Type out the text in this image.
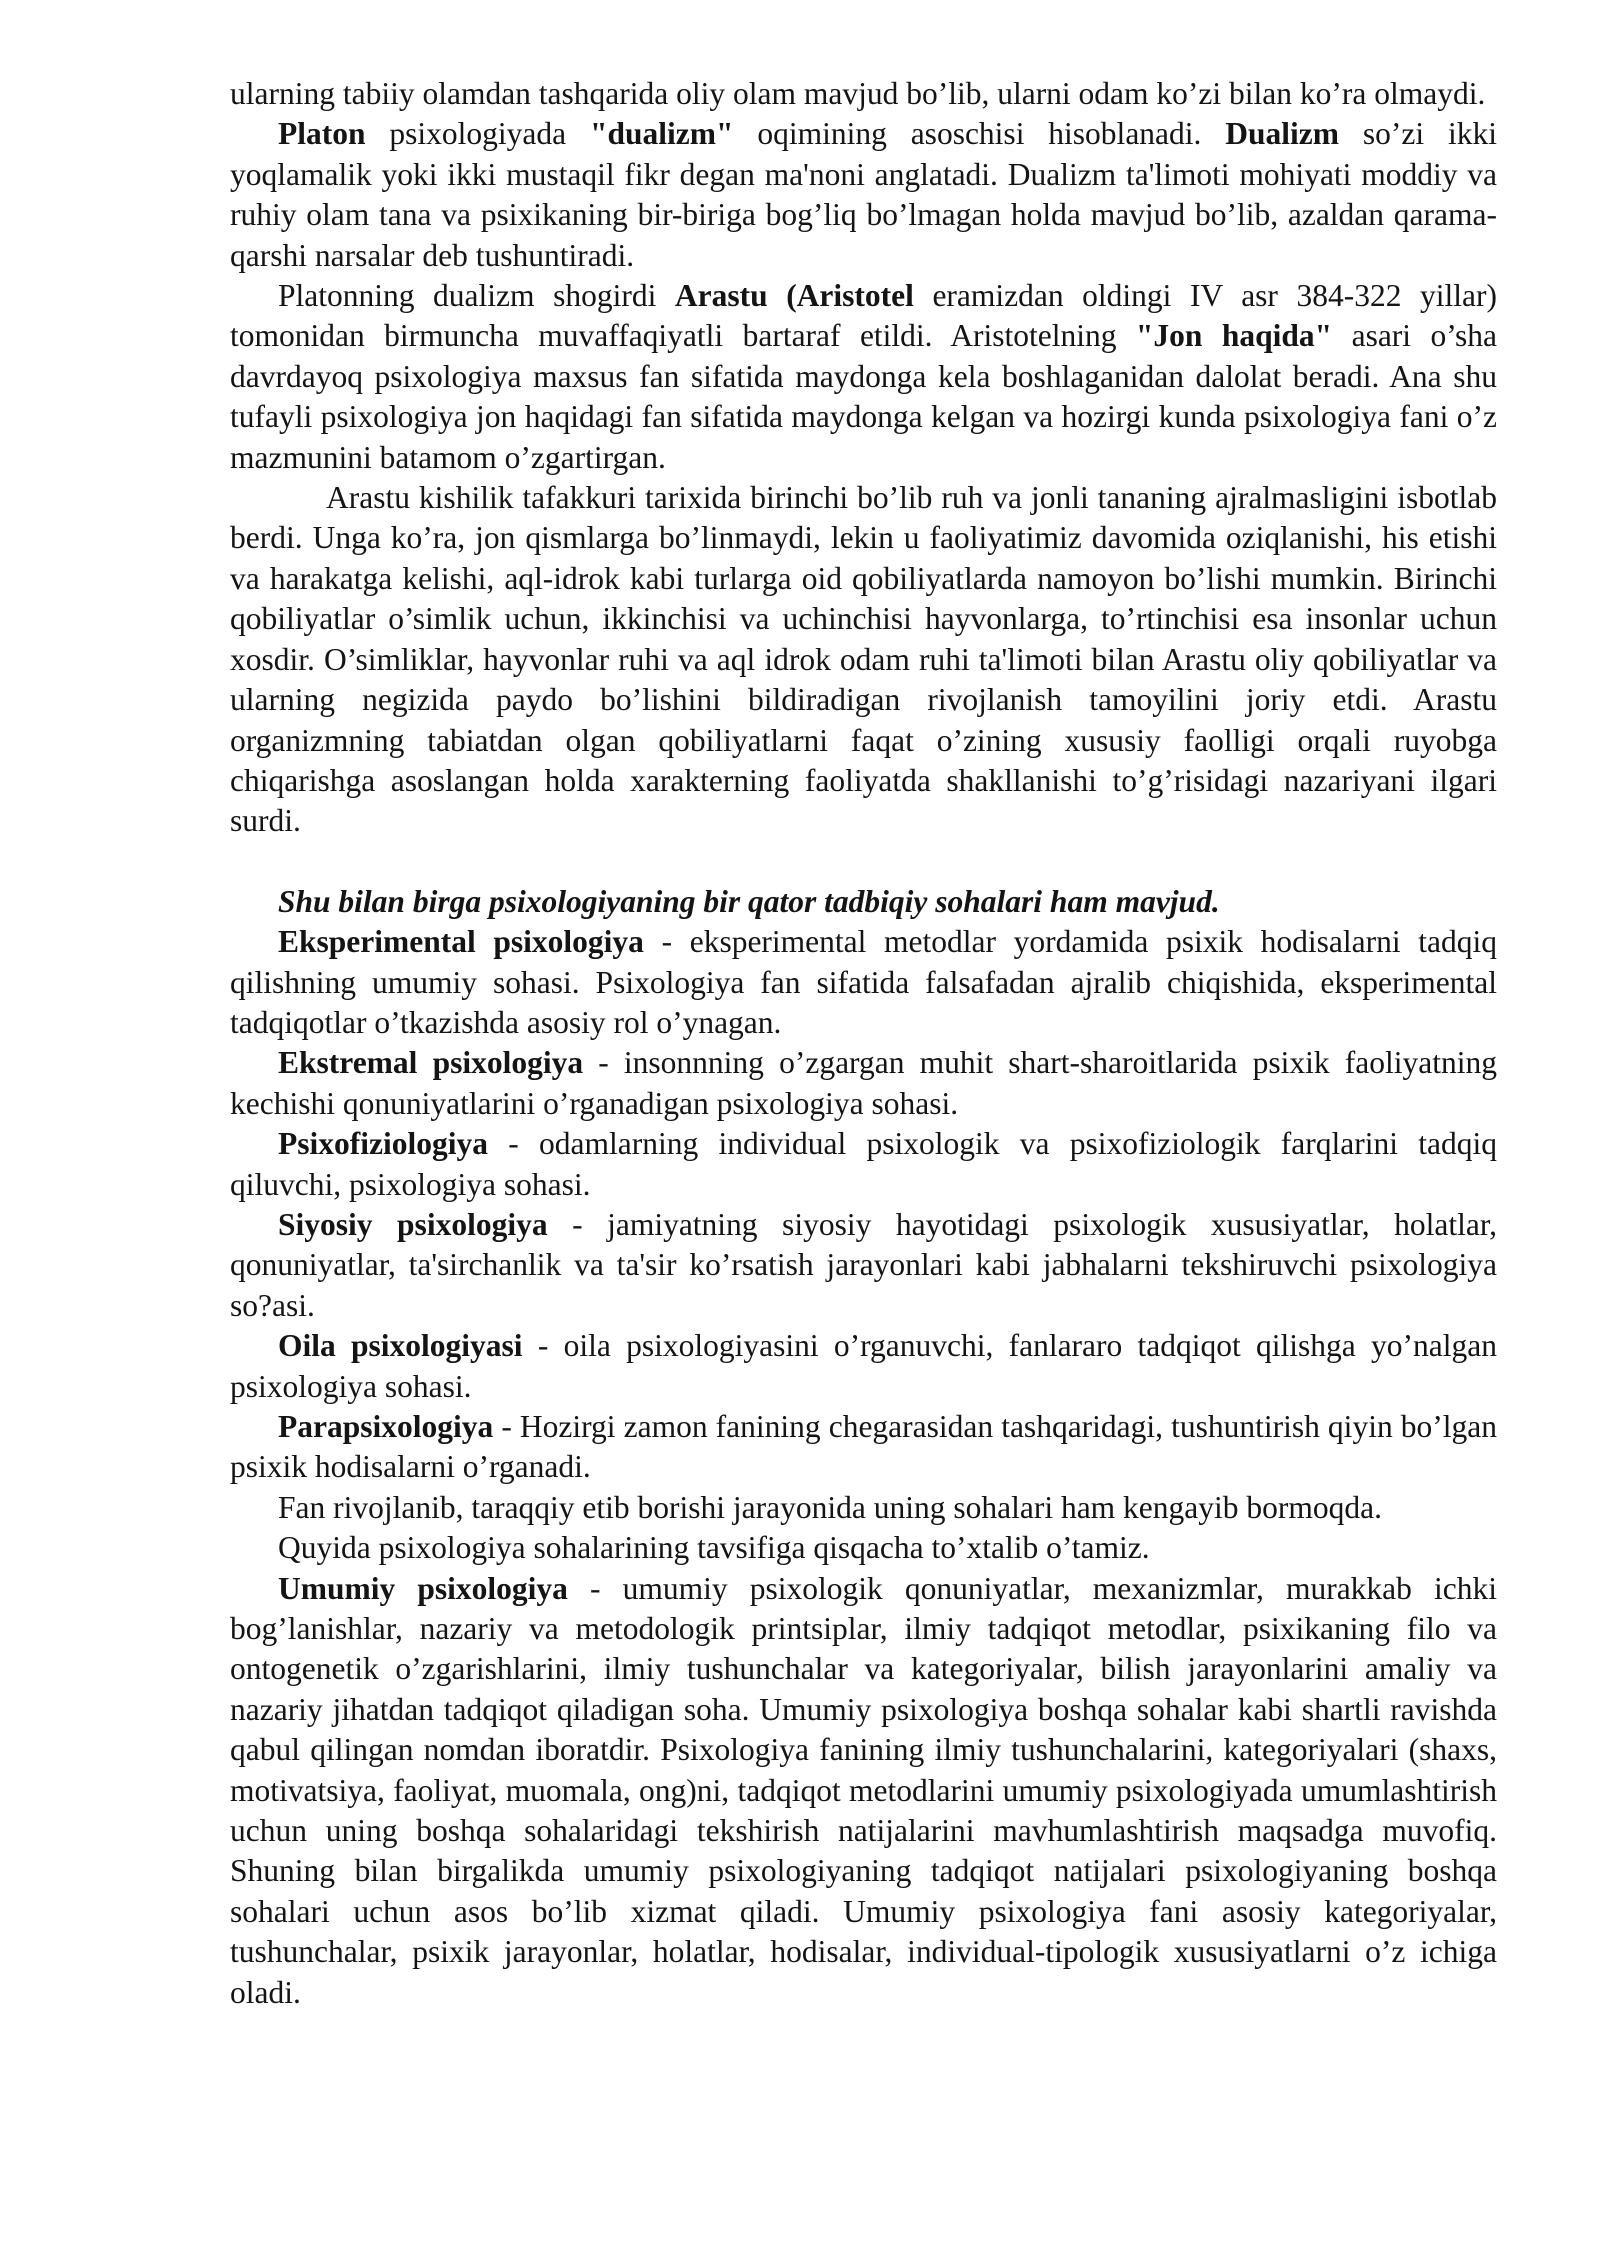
ularning tabiiy olamdan tashqarida oliy olam mavjud bo’lib, ularni odam ko’zi bilan ko’ra olmaydi.

Platon psixologiyada "dualizm" oqimining asoschisi hisoblanadi. Dualizm so’zi ikki yoqlamalik yoki ikki mustaqil fikr degan ma'noni anglatadi. Dualizm ta'limoti mohiyati moddiy va ruhiy olam tana va psixikaning bir-biriga bog’liq bo’lmagan holda mavjud bo’lib, azaldan qarama-qarshi narsalar deb tushuntiradi.

Platonning dualizm shogirdi Arastu (Aristotel eramizdan oldingi IV asr 384-322 yillar) tomonidan birmuncha muvaffaqiyatli bartaraf etildi. Aristotelning "Jon haqida" asari o’sha davrdayoq psixologiya maxsus fan sifatida maydonga kela boshlaganidan dalolat beradi. Ana shu tufayli psixologiya jon haqidagi fan sifatida maydonga kelgan va hozirgi kunda psixologiya fani o’z mazmunini batamom o’zgartirgan.

Arastu kishilik tafakkuri tarixida birinchi bo’lib ruh va jonli tananing ajralmasligini isbotlab berdi. Unga ko’ra, jon qismlarga bo’linmaydi, lekin u faoliyatimiz davomida oziqlanishi, his etishi va harakatga kelishi, aql-idrok kabi turlarga oid qobiliyatlarda namoyon bo’lishi mumkin. Birinchi qobiliyatlar o’simlik uchun, ikkinchisi va uchinchisi hayvonlarga, to’rtinchisi esa insonlar uchun xosdir. O’simliklar, hayvonlar ruhi va aql idrok odam ruhi ta'limoti bilan Arastu oliy qobiliyatlar va ularning negizida paydo bo’lishini bildiradigan rivojlanish tamoyilini joriy etdi. Arastu organizmning tabiatdan olgan qobiliyatlarni faqat o’zining xususiy faolligi orqali ruyobga chiqarishga asoslangan holda xarakterning faoliyatda shakllanishi to’g’risidagi nazariyani ilgari surdi.

Shu bilan birga psixologiyaning bir qator tadbiqiy sohalari ham mavjud.

Eksperimental psixologiya - eksperimental metodlar yordamida psixik hodisalarni tadqiq qilishning umumiy sohasi. Psixologiya fan sifatida falsafadan ajralib chiqishida, eksperimental tadqiqotlar o’tkazishda asosiy rol o’ynagan.

Ekstremal psixologiya - insonnning o’zgargan muhit shart-sharoitlarida psixik faoliyatning kechishi qonuniyatlarini o’rganadigan psixologiya sohasi.

Psixofiziologiya - odamlarning individual psixologik va psixofiziologik farqlarini tadqiq qiluvchi, psixologiya sohasi.

Siyosiy psixologiya - jamiyatning siyosiy hayotidagi psixologik xususiyatlar, holatlar, qonuniyatlar, ta'sirchanlik va ta'sir ko’rsatish jarayonlari kabi jabhalarni tekshiruvchi psixologiya so?asi.

Oila psixologiyasi - oila psixologiyasini o’rganuvchi, fanlararo tadqiqot qilishga yo’nalgan psixologiya sohasi.

Parapsixologiya - Hozirgi zamon fanining chegarasidan tashqaridagi, tushuntirish qiyin bo’lgan psixik hodisalarni o’rganadi.

Fan rivojlanib, taraqqiy etib borishi jarayonida uning sohalari ham kengayib bormoqda.

Quyida psixologiya sohalarining tavsifiga qisqacha to’xtalib o’tamiz.

Umumiy psixologiya - umumiy psixologik qonuniyatlar, mexanizmlar, murakkab ichki bog’lanishlar, nazariy va metodologik printsiplar, ilmiy tadqiqot metodlar, psixikaning filo va ontogenetik o’zgarishlarini, ilmiy tushunchalar va kategoriyalar, bilish jarayonlarini amaliy va nazariy jihatdan tadqiqot qiladigan soha. Umumiy psixologiya boshqa sohalar kabi shartli ravishda qabul qilingan nomdan iboratdir. Psixologiya fanining ilmiy tushunchalarini, kategoriyalari (shaxs, motivatsiya, faoliyat, muomala, ong)ni, tadqiqot metodlarini umumiy psixologiyada umumlashtirish uchun uning boshqa sohalaridagi tekshirish natijalarini mavhumlashtirish maqsadga muvofiq. Shuning bilan birgalikda umumiy psixologiyaning tadqiqot natijalari psixologiyaning boshqa sohalari uchun asos bo’lib xizmat qiladi. Umumiy psixologiya fani asosiy kategoriyalar, tushunchalar, psixik jarayonlar, holatlar, hodisalar, individual-tipologik xususiyatlarni o’z ichiga oladi.
